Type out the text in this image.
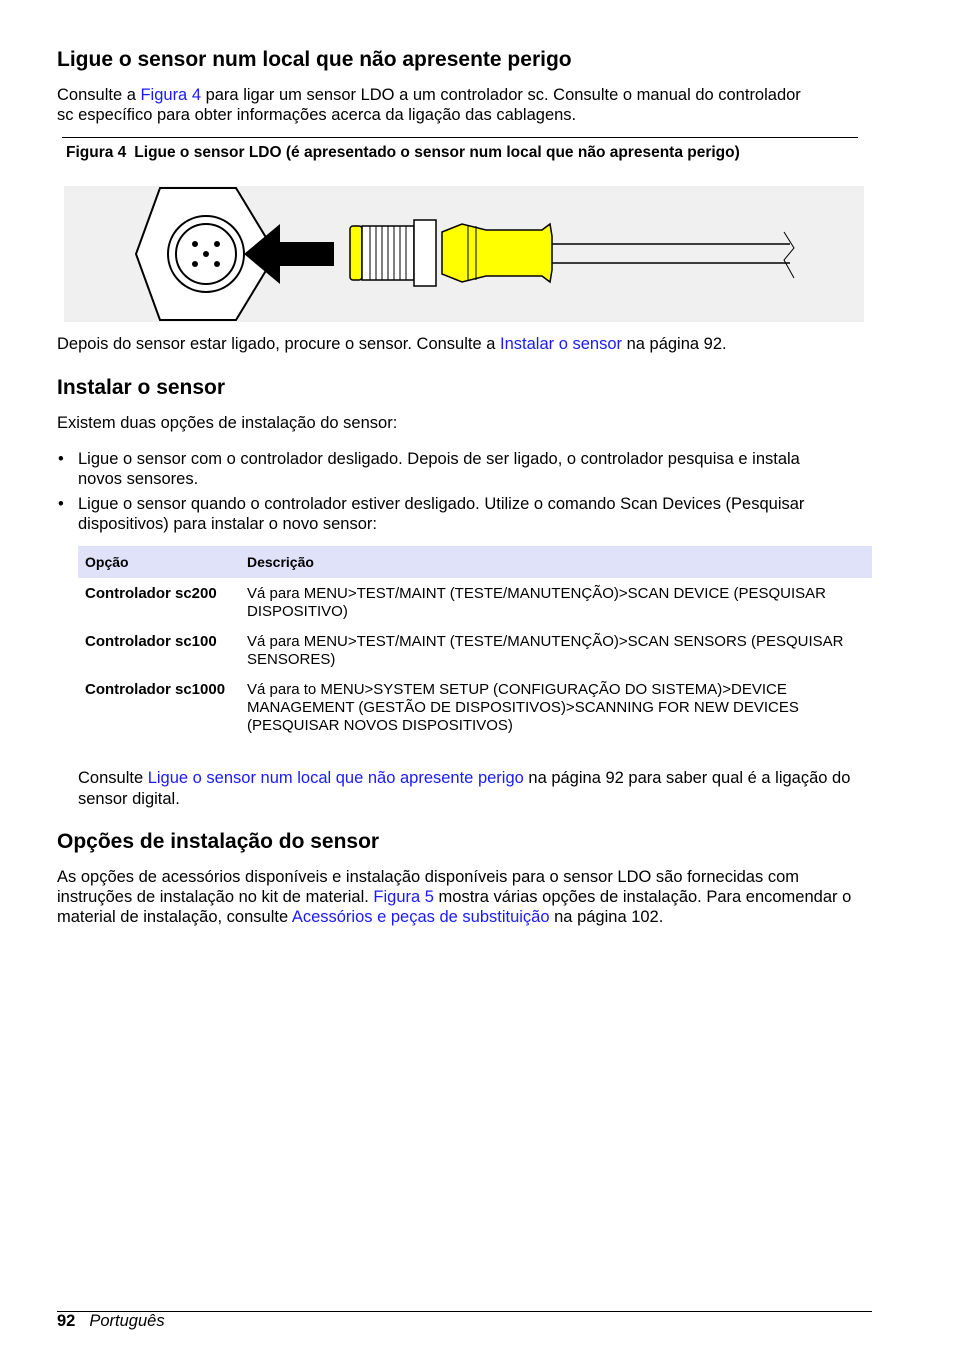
Ligue o sensor num local que não apresente perigo

Consulte a Figura 4 para ligar um sensor LDO a um controlador sc. Consulte o manual do controlador sc específico para obter informações acerca da ligação das cablagens.

Figura 4 Ligue o sensor LDO (é apresentado o sensor num local que não apresenta perigo)

Depois do sensor estar ligado, procure o sensor. Consulte a Instalar o sensor na página 92.

Instalar o sensor

Existem duas opções de instalação do sensor:

• Ligue o sensor com o controlador desligado. Depois de ser ligado, o controlador pesquisa e instala novos sensores.
• Ligue o sensor quando o controlador estiver desligado. Utilize o comando Scan Devices (Pesquisar dispositivos) para instalar o novo sensor:
Opção	Descrição
Controlador sc200	Vá para MENU>TEST/MAINT (TESTE/MANUTENÇÃO)>SCAN DEVICE (PESQUISAR DISPOSITIVO)
Controlador sc100	Vá para MENU>TEST/MAINT (TESTE/MANUTENÇÃO)>SCAN SENSORS (PESQUISAR SENSORES)
Controlador sc1000	Vá para to MENU>SYSTEM SETUP (CONFIGURAÇÃO DO SISTEMA)>DEVICE MANAGEMENT (GESTÃO DE DISPOSITIVOS)>SCANNING FOR NEW DEVICES (PESQUISAR NOVOS DISPOSITIVOS)

Consulte Ligue o sensor num local que não apresente perigo na página 92 para saber qual é a ligação do sensor digital.

Opções de instalação do sensor

As opções de acessórios disponíveis e instalação disponíveis para o sensor LDO são fornecidas com instruções de instalação no kit de material. Figura 5 mostra várias opções de instalação. Para encomendar o material de instalação, consulte Acessórios e peças de substituição na página 102.

92 Português
